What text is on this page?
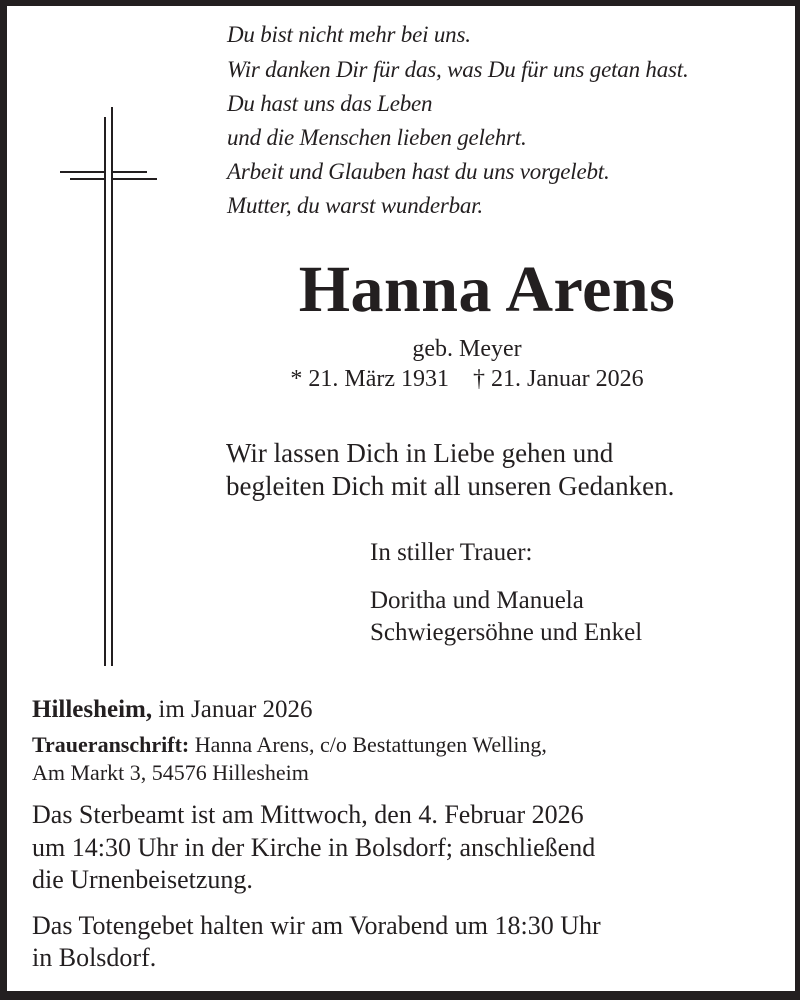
Du bist nicht mehr bei uns.
Wir danken Dir für das, was Du für uns getan hast.
Du hast uns das Leben
und die Menschen lieben gelehrt.
Arbeit und Glauben hast du uns vorgelebt.
Mutter, du warst wunderbar.
Hanna Arens
geb. Meyer
* 21. März 1931 † 21. Januar 2026
Wir lassen Dich in Liebe gehen und
begleiten Dich mit all unseren Gedanken.
In stiller Trauer:
Doritha und Manuela
Schwiegersöhne und Enkel
Hillesheim, im Januar 2026
Traueranschrift: Hanna Arens, c/o Bestattungen Welling,
Am Markt 3, 54576 Hillesheim
Das Sterbeamt ist am Mittwoch, den 4. Februar 2026
um 14:30 Uhr in der Kirche in Bolsdorf; anschließend
die Urnenbeisetzung.
Das Totengebet halten wir am Vorabend um 18:30 Uhr
in Bolsdorf.
